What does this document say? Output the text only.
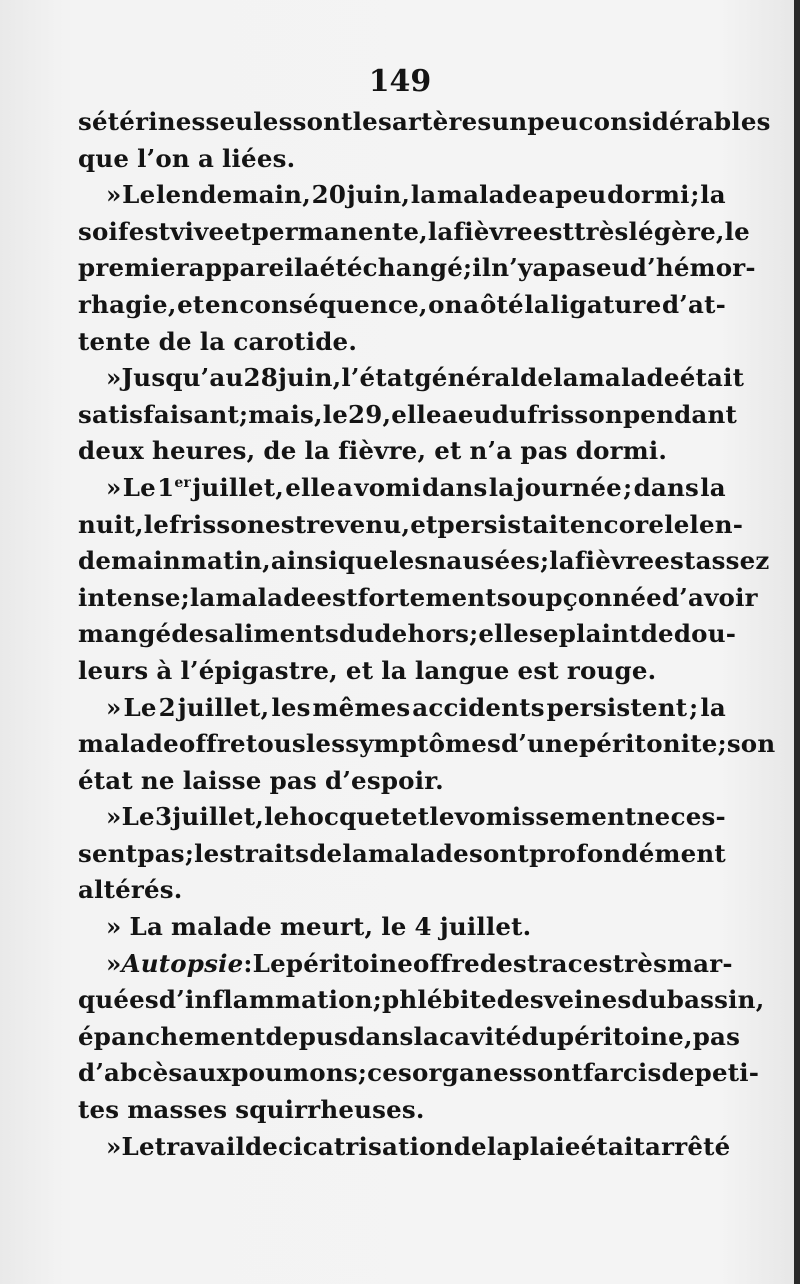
149
sétérines seules sont les artères un peu considérables
que l’on a liées.
» Le lendemain, 20 juin, la malade a peu dormi ; la
soif est vive et permanente, la fièvre est très légère, le
premier appareil a été changé ; il n’y a pas eu d’hémor-
rhagie, et en conséquence, on a ôté la ligature d’at-
tente de la carotide.
» Jusqu’au 28 juin, l’état général de la malade était
satisfaisant ; mais , le 29 , elle a eu du frisson pendant
deux heures, de la fièvre, et n’a pas dormi.
» Le 1er juillet, elle a vomi dans la journée ; dans la
nuit, le frisson est revenu , et persistait encore le len-
demain matin, ainsi que les nausées ; la fièvre est assez
intense ; la malade est fortement soupçonnée d’avoir
mangé des aliments du dehors ; elle se plaint de dou-
leurs à l’épigastre, et la langue est rouge.
» Le 2 juillet, les mêmes accidents persistent ; la
malade offre tous les symptômes d’une péritonite ; son
état ne laisse pas d’espoir.
» Le 3 juillet, le hocquet et le vomissement ne ces-
sent pas ; les traits de la malade sont profondément
altérés.
» La malade meurt, le 4 juillet.
» Autopsie : Le péritoine offre des traces très mar-
quées d’inflammation ; phlébite des veines du bassin ,
épanchement de pus dans la cavité du péritoine, pas
d’abcès aux poumons ; ces organes sont farcis de peti-
tes masses squirrheuses.
» Le travail de cicatrisation de la plaie était arrêté
